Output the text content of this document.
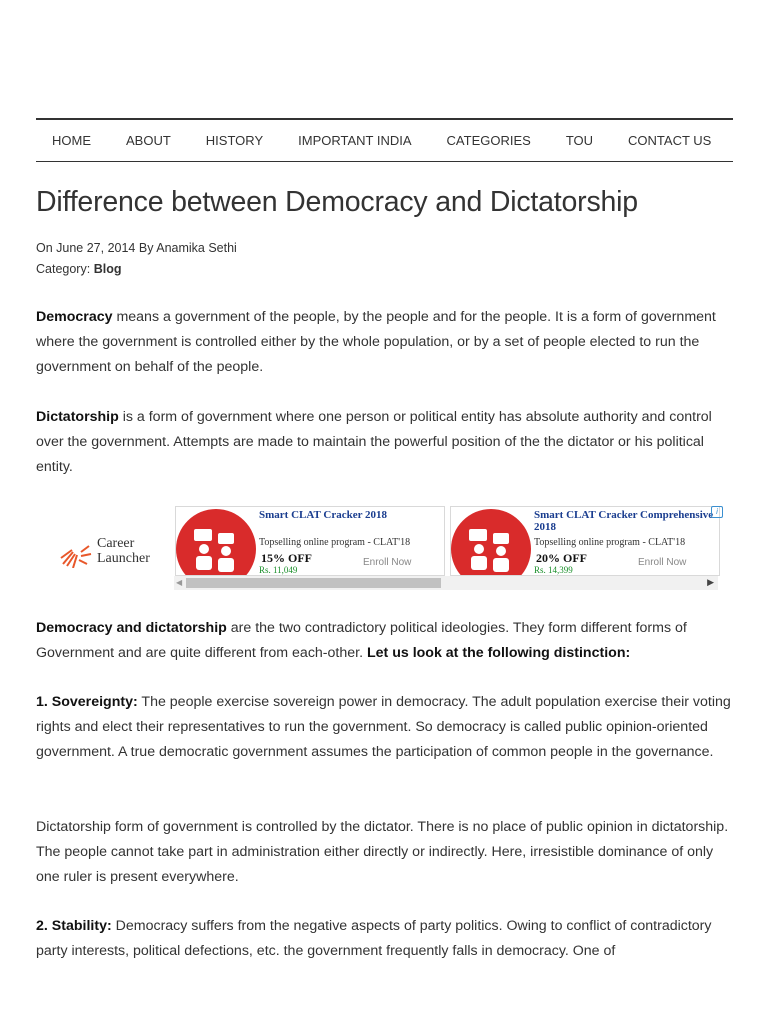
HOME	ABOUT	HISTORY	IMPORTANT INDIA	CATEGORIES	TOU	CONTACT US
Difference between Democracy and Dictatorship
On June 27, 2014 By Anamika Sethi
Category: Blog

Democracy means a government of the people, by the people and for the people. It is a form of government where the government is controlled either by the whole population, or by a set of people elected to run the government on behalf of the people.

Dictatorship is a form of government where one person or political entity has absolute authority and control over the government. Attempts are made to maintain the powerful position of the the dictator or his political entity.

Career
Launcher
Smart CLAT Cracker 2018
Topselling online program - CLAT'18
15% OFF
Rs. 11,049
Enroll Now
Smart CLAT Cracker Comprehensive 2018
Topselling online program - CLAT'18
20% OFF
Rs. 14,399
Enroll Now
i
◀	▶

Democracy and dictatorship are the two contradictory political ideologies. They form different forms of Government and are quite different from each-other. Let us look at the following distinction:

1. Sovereignty: The people exercise sovereign power in democracy. The adult population exercise their voting rights and elect their representatives to run the government. So democracy is called public opinion-oriented government. A true democratic government assumes the participation of common people in the governance.

Dictatorship form of government is controlled by the dictator. There is no place of public opinion in dictatorship. The people cannot take part in administration either directly or indirectly. Here, irresistible dominance of only one ruler is present everywhere.

2. Stability: Democracy suffers from the negative aspects of party politics. Owing to conflict of contradictory party interests, political defections, etc. the government frequently falls in democracy. One of
